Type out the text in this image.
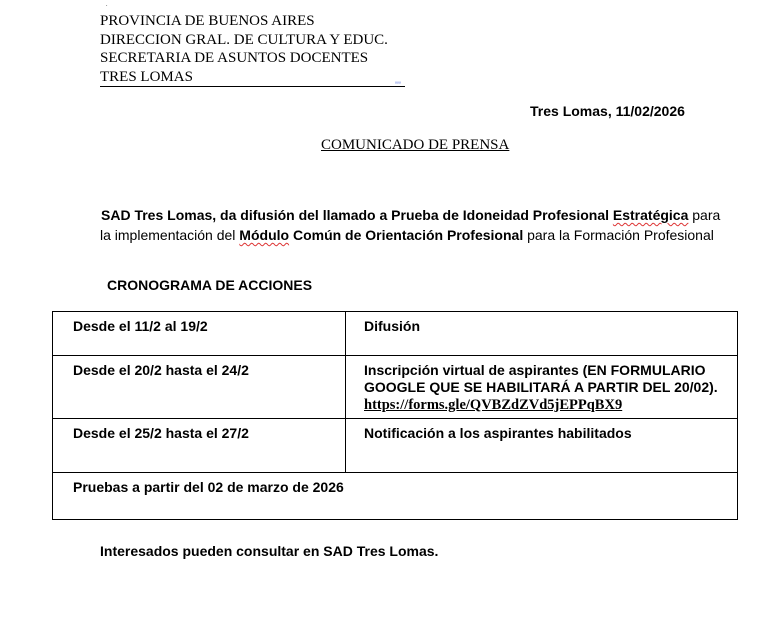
.
PROVINCIA DE BUENOS AIRES
DIRECCION GRAL. DE CULTURA Y EDUC.
SECRETARIA DE ASUNTOS DOCENTES
TRES LOMAS	ᵤᵤᵤ
Tres Lomas, 11/02/2026
COMUNICADO DE PRENSA
SAD Tres Lomas, da difusión del llamado a Prueba de Idoneidad Profesional Estratégica para
la implementación del Módulo Común de Orientación Profesional para la Formación Profesional
CRONOGRAMA DE ACCIONES
Desde el 11/2 al 19/2	Difusión
Desde el 20/2 hasta el 24/2	Inscripción virtual de aspirantes (EN FORMULARIO GOOGLE QUE SE HABILITARÁ A PARTIR DEL 20/02). https://forms.gle/QVBZdZVd5jEPPqBX9
Desde el 25/2 hasta el 27/2	Notificación a los aspirantes habilitados
Pruebas a partir del 02 de marzo de 2026	
Interesados pueden consultar en SAD Tres Lomas.
